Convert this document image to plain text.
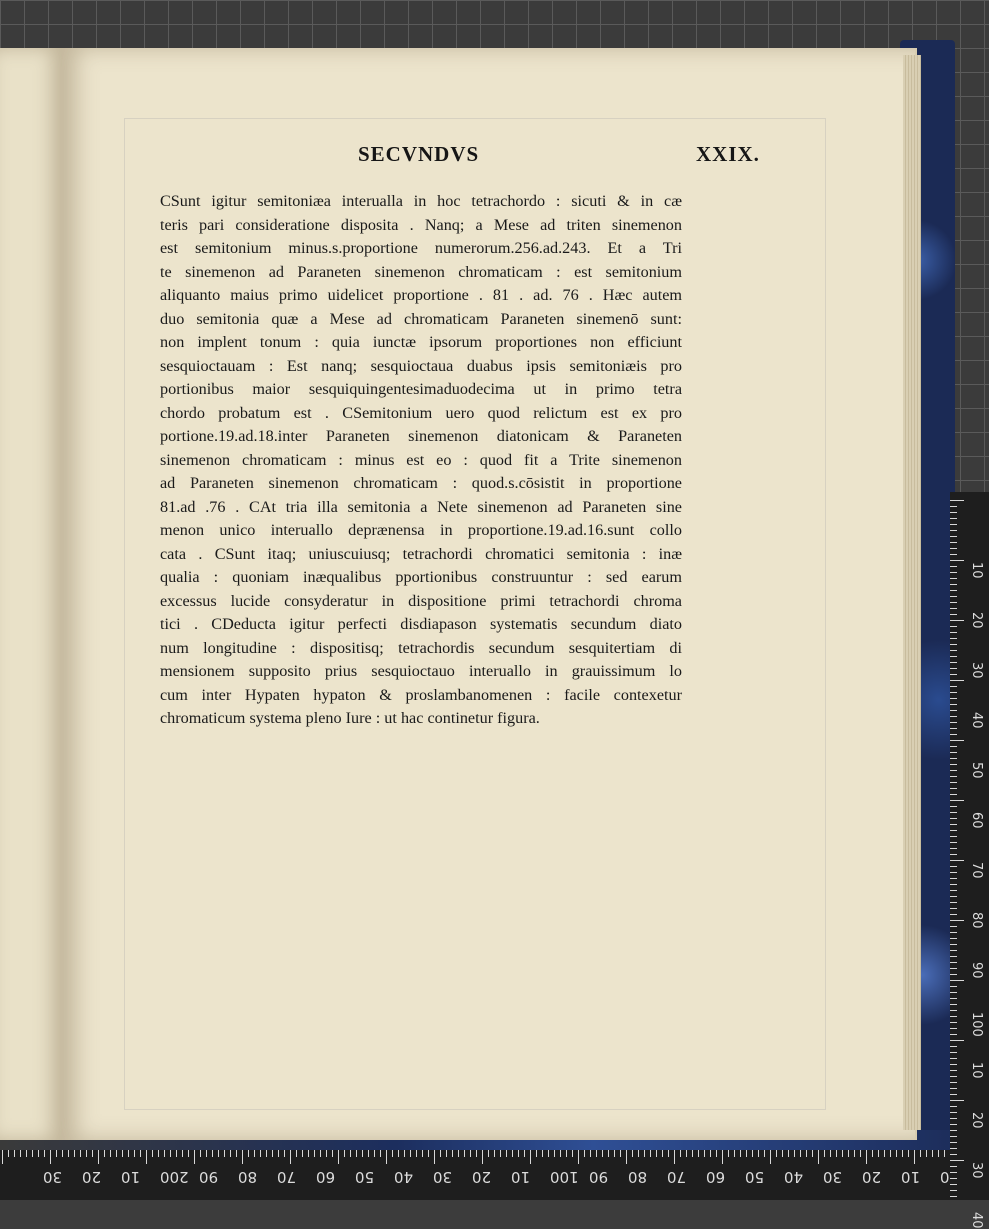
SECVNDVS	XXIX.
CSunt igitur semitoniæa interualla in hoc tetrachordo : sicuti & in cæ
teris pari consideratione disposita . Nanq; a Mese ad triten sinemenon
est semitonium minus.s.proportione numerorum.256.ad.243. Et a Tri
te sinemenon ad Paraneten sinemenon chromaticam : est semitonium
aliquanto maius primo uidelicet proportione . 81 . ad. 76 . Hæc autem
duo semitonia quæ a Mese ad chromaticam Paraneten sinemenō sunt:
non implent tonum : quia iunctæ ipsorum proportiones non efficiunt
sesquioctauam : Est nanq; sesquioctaua duabus ipsis semitoniæis pro
portionibus maior sesquiquingentesimaduodecima ut in primo tetra
chordo probatum est . CSemitonium uero quod relictum est ex pro
portione.19.ad.18.inter Paraneten sinemenon diatonicam & Paraneten
sinemenon chromaticam : minus est eo : quod fit a Trite sinemenon
ad Paraneten sinemenon chromaticam : quod.s.cōsistit in proportione
81.ad .76 . CAt tria illa semitonia a Nete sinemenon ad Paraneten sine
menon unico interuallo deprænensa in proportione.19.ad.16.sunt collo
cata . CSunt itaq; uniuscuiusq; tetrachordi chromatici semitonia : inæ
qualia : quoniam inæqualibus pportionibus construuntur : sed earum
excessus lucide consyderatur in dispositione primi tetrachordi chroma
tici . CDeducta igitur perfecti disdiapason systematis secundum diato
num longitudine : dispositisq; tetrachordis secundum sesquitertiam di
mensionem supposito prius sesquioctauo interuallo in grauissimum lo
cum inter Hypaten hypaton & proslambanomenen : facile contexetur
chromaticum systema pleno Iure : ut hac continetur figura.
10
20
30
40
50
60
70
80
90
100
10
20
30
40
0
10
20
30
40
50
60
70
80
90
100
10
20
30
40
50
60
70
80
90
200
10
20
30
